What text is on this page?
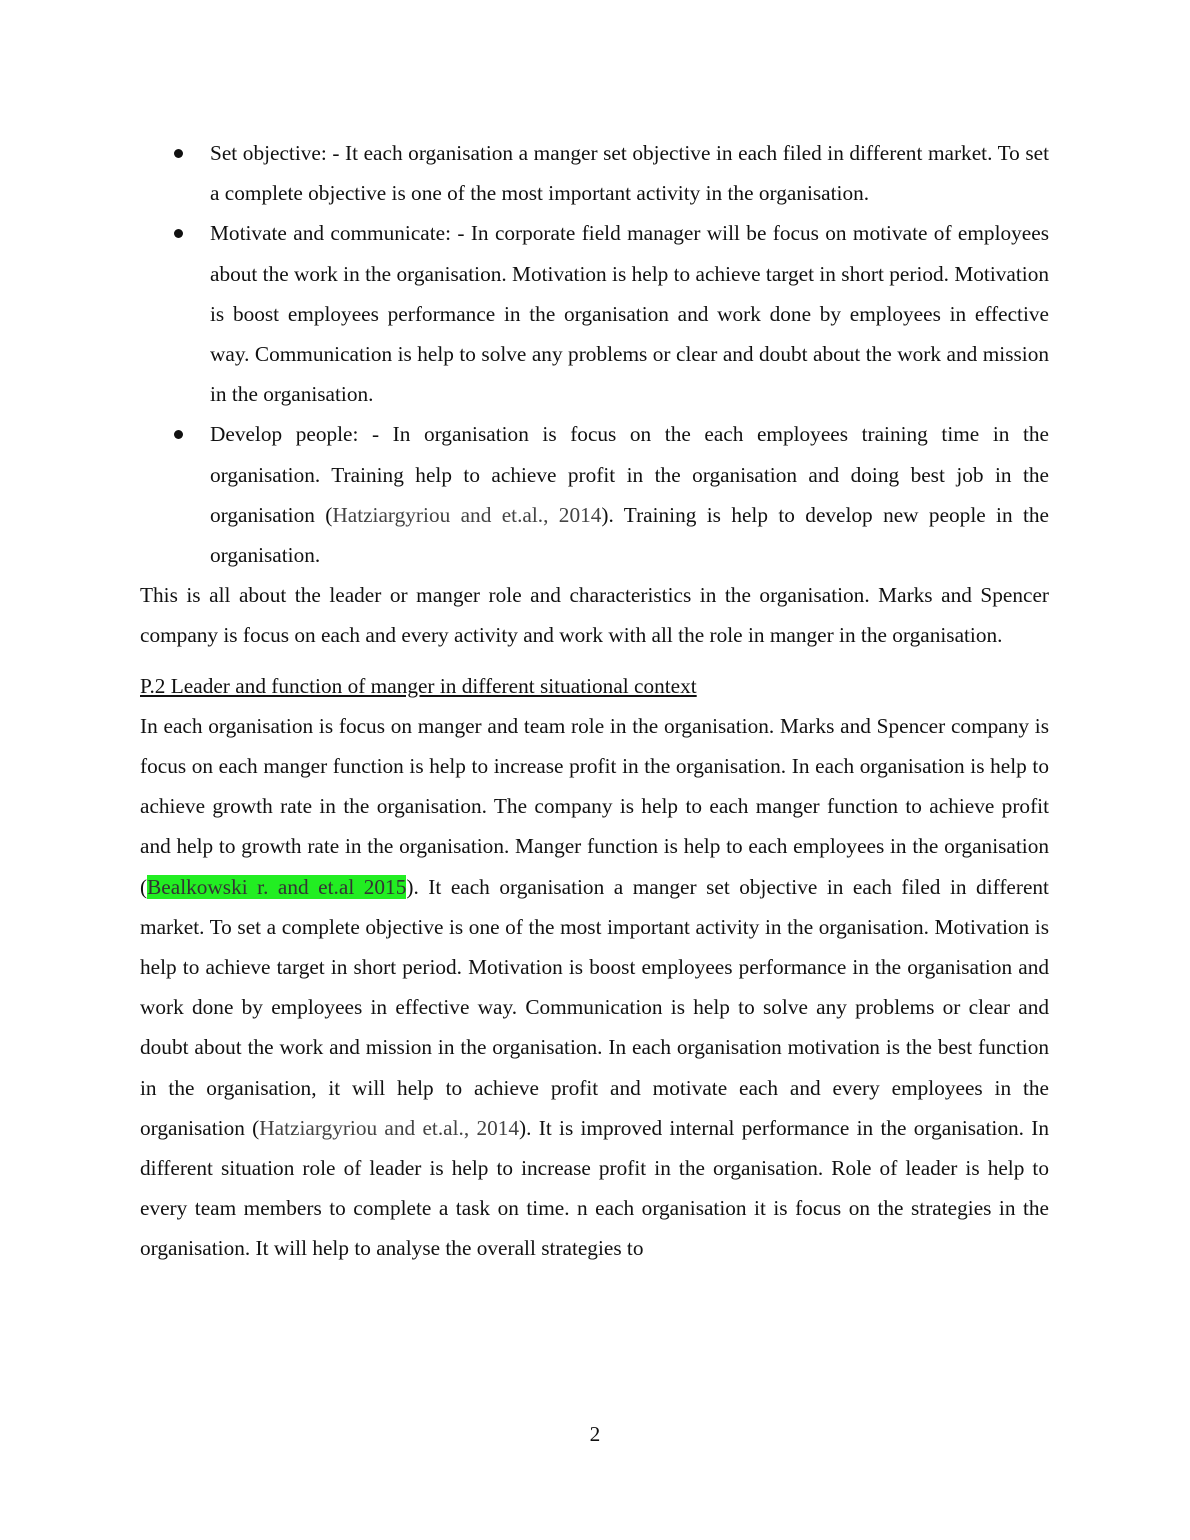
Set objective: - It each organisation a manger set objective in each filed in different market. To set a complete objective is one of the most important activity in the organisation.
Motivate and communicate: - In corporate field manager will be focus on motivate of employees about the work in the organisation. Motivation is help to achieve target in short period. Motivation is boost employees performance in the organisation and work done by employees in effective way. Communication is help to solve any problems or clear and doubt about the work and mission in the organisation.
Develop people: - In organisation is focus on the each employees training time in the organisation. Training help to achieve profit in the organisation and doing best job in the organisation (Hatziargyriou and et.al., 2014). Training is help to develop new people in the organisation.

This is all about the leader or manger role and characteristics in the organisation. Marks and Spencer company is focus on each and every activity and work with all the role in manger in the organisation.

P.2 Leader and function of manger in different situational context

In each organisation is focus on manger and team role in the organisation. Marks and Spencer company is focus on each manger function is help to increase profit in the organisation. In each organisation is help to achieve growth rate in the organisation. The company is help to each manger function to achieve profit and help to growth rate in the organisation. Manger function is help to each employees in the organisation (Bealkowski r. and et.al 2015). It each organisation a manger set objective in each filed in different market. To set a complete objective is one of the most important activity in the organisation. Motivation is help to achieve target in short period. Motivation is boost employees performance in the organisation and work done by employees in effective way. Communication is help to solve any problems or clear and doubt about the work and mission in the organisation. In each organisation motivation is the best function in the organisation, it will help to achieve profit and motivate each and every employees in the organisation (Hatziargyriou and et.al., 2014). It is improved internal performance in the organisation. In different situation role of leader is help to increase profit in the organisation. Role of leader is help to every team members to complete a task on time. n each organisation it is focus on the strategies in the organisation. It will help to analyse the overall strategies to

2
